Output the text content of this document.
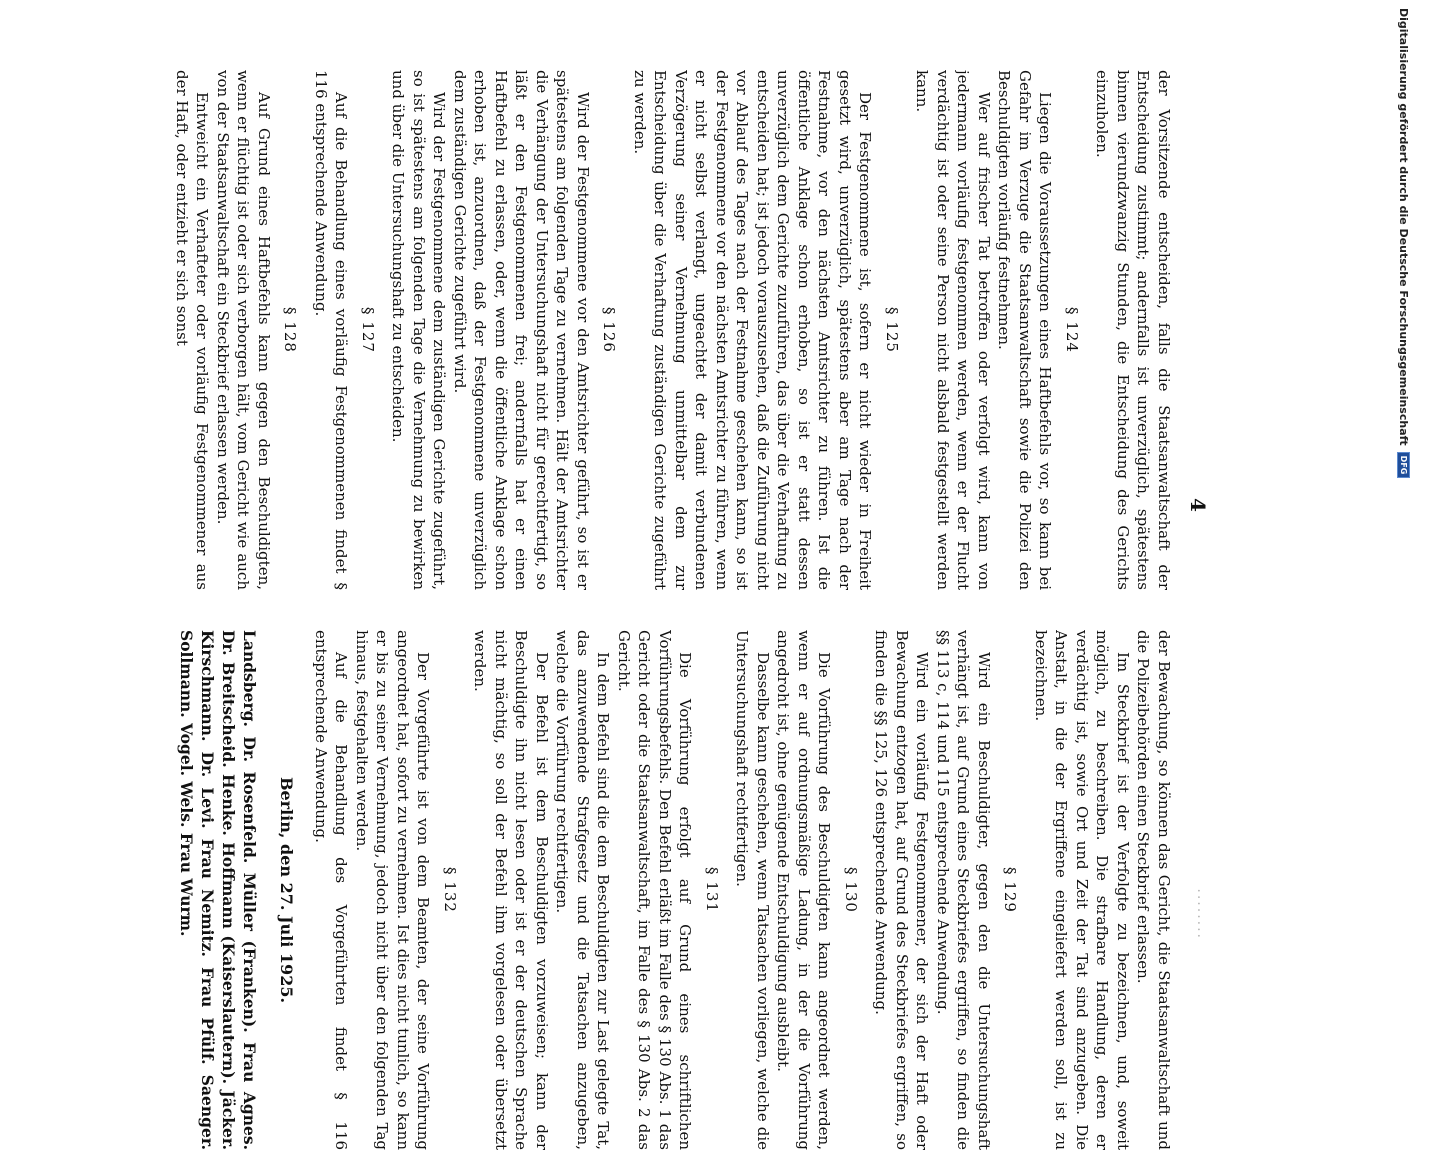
........
4

der Vorsitzende entscheiden, falls die Staatsanwaltschaft der Entscheidung zustimmt; andernfalls ist unverzüglich, spätestens binnen vierundzwanzig Stunden, die Entscheidung des Gerichts einzuholen.

§ 124

Liegen die Voraussetzungen eines Haftbefehls vor, so kann bei Gefahr im Verzuge die Staatsanwaltschaft sowie die Polizei den Beschuldigten vorläufig festnehmen.

Wer auf frischer Tat betroffen oder verfolgt wird, kann von jedermann vorläufig festgenommen werden, wenn er der Flucht verdächtig ist oder seine Person nicht alsbald festgestellt werden kann.

§ 125

Der Festgenommene ist, sofern er nicht wieder in Freiheit gesetzt wird, unverzüglich, spätestens aber am Tage nach der Festnahme, vor den nächsten Amtsrichter zu führen. Ist die öffentliche Anklage schon erhoben, so ist er statt dessen unverzüglich dem Gerichte zuzuführen, das über die Verhaftung zu entscheiden hat; ist jedoch vorauszusehen, daß die Zuführung nicht vor Ablauf des Tages nach der Festnahme geschehen kann, so ist der Festgenommene vor den nächsten Amtsrichter zu führen, wenn er nicht selbst verlangt, ungeachtet der damit verbundenen Verzögerung seiner Vernehmung unmittelbar dem zur Entscheidung über die Verhaftung zuständigen Gerichte zugeführt zu werden.

§ 126

Wird der Festgenommene vor den Amtsrichter geführt, so ist er spätestens am folgenden Tage zu vernehmen. Hält der Amtsrichter die Verhängung der Untersuchungshaft nicht für gerechtfertigt, so läßt er den Festgenommenen frei; andernfalls hat er einen Haftbefehl zu erlassen, oder, wenn die öffentliche Anklage schon erhoben ist, anzuordnen, daß der Festgenommene unverzüglich dem zuständigen Gerichte zugeführt wird.

Wird der Festgenommene dem zuständigen Gerichte zugeführt, so ist spätestens am folgenden Tage die Vernehmung zu bewirken und über die Untersuchungshaft zu entscheiden.

§ 127

Auf die Behandlung eines vorläufig Festgenommenen findet § 116 entsprechende Anwendung.

§ 128

Auf Grund eines Haftbefehls kann gegen den Beschuldigten, wenn er flüchtig ist oder sich verborgen hält, vom Gericht wie auch von der Staatsanwaltschaft ein Steckbrief erlassen werden.

Entweicht ein Verhafteter oder vorläufig Festgenommener aus der Haft, oder entzieht er sich sonst

der Bewachung, so können das Gericht, die Staatsanwaltschaft und die Polizeibehörden einen Steckbrief erlassen.

Im Steckbrief ist der Verfolgte zu bezeichnen, und, soweit möglich, zu beschreiben. Die strafbare Handlung, deren er verdächtig ist, sowie Ort und Zeit der Tat sind anzugeben. Die Anstalt, in die der Ergriffene eingeliefert werden soll, ist zu bezeichnen.

§ 129

Wird ein Beschuldigter, gegen den die Untersuchungshaft verhängt ist, auf Grund eines Steckbriefes ergriffen, so finden die §§ 113 c, 114 und 115 entsprechende Anwendung.

Wird ein vorläufig Festgenommener, der sich der Haft oder Bewachung entzogen hat, auf Grund des Steckbriefes ergriffen, so finden die §§ 125, 126 entsprechende Anwendung.

§ 130

Die Vorführung des Beschuldigten kann angeordnet werden, wenn er auf ordnungsmäßige Ladung, in der die Vorführung angedroht ist, ohne genügende Entschuldigung ausbleibt.

Dasselbe kann geschehen, wenn Tatsachen vorliegen, welche die Untersuchungshaft rechtfertigen.

§ 131

Die Vorführung erfolgt auf Grund eines schriftlichen Vorführungsbefehls. Den Befehl erläßt im Falle des § 130 Abs. 1 das Gericht oder die Staatsanwaltschaft, im Falle des § 130 Abs. 2 das Gericht.

In dem Befehl sind die dem Beschuldigten zur Last gelegte Tat, das anzuwendende Strafgesetz und die Tatsachen anzugeben, welche die Vorführung rechtfertigen.

Der Befehl ist dem Beschuldigten vorzuweisen; kann der Beschuldigte ihn nicht lesen oder ist er der deutschen Sprache nicht mächtig, so soll der Befehl ihm vorgelesen oder übersetzt werden.

§ 132

Der Vorgeführte ist von dem Beamten, der seine Vorführung angeordnet hat, sofort zu vernehmen. Ist dies nicht tunlich, so kann er bis zu seiner Vernehmung, jedoch nicht über den folgenden Tag hinaus, festgehalten werden.

Auf die Behandlung des Vorgeführten findet § 116 entsprechende Anwendung.

Berlin, den 27. Juli 1925.
Landsberg. Dr. Rosenfeld. Müller (Franken). Frau Agnes. Dr. Breitscheid. Henke. Hoffmann (Kaiserslautern). Jäcker. Kirschmann. Dr. Levi. Frau Nemitz. Frau Pfülf. Saenger. Sollmann. Vogel. Wels. Frau Wurm.
Digitalisierung gefördert durch die Deutsche Forschungsgemeinschaft
DFG
